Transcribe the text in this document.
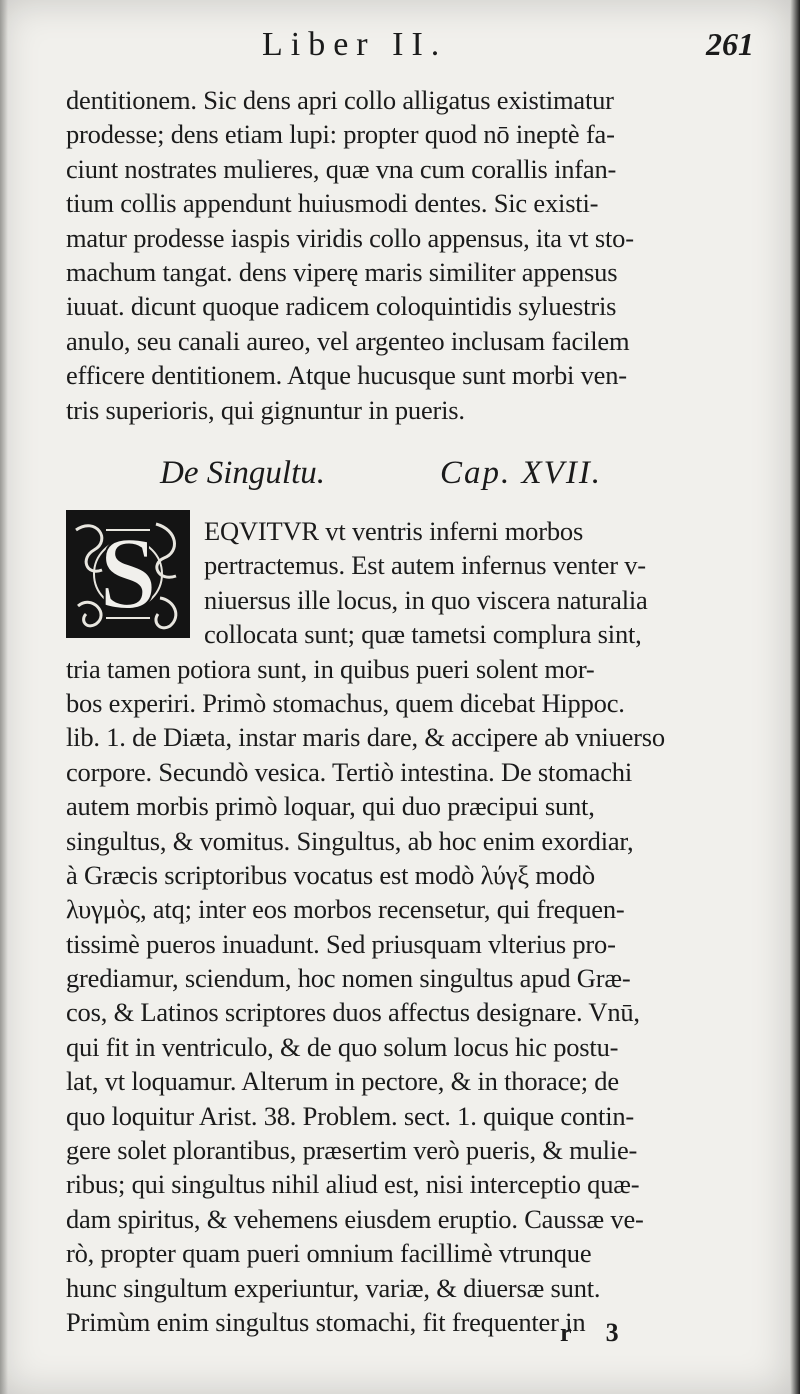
Liber II.	261
dentitionem. Sic dens apri collo alligatus existimatur
prodesse; dens etiam lupi: propter quod nō ineptè fa-
ciunt nostrates mulieres, quæ vna cum corallis infan-
tium collis appendunt huiusmodi dentes. Sic existi-
matur prodesse iaspis viridis collo appensus, ita vt sto-
machum tangat. dens viperę maris similiter appensus
iuuat. dicunt quoque radicem coloquintidis syluestris
anulo, seu canali aureo, vel argenteo inclusam facilem
efficere dentitionem. Atque hucusque sunt morbi ven-
tris superioris, qui gignuntur in pueris.
De Singultu.	Cap. XVII.
S	EQVITVR vt ventris inferni morbos
pertractemus. Est autem infernus venter v-
niuersus ille locus, in quo viscera naturalia
collocata sunt; quæ tametsi complura sint,
tria tamen potiora sunt, in quibus pueri solent mor-
bos experiri. Primò stomachus, quem dicebat Hippoc.
lib. 1. de Diæta, instar maris dare, & accipere ab vniuerso
corpore. Secundò vesica. Tertiò intestina. De stomachi
autem morbis primò loquar, qui duo præcipui sunt,
singultus, & vomitus. Singultus, ab hoc enim exordiar,
à Græcis scriptoribus vocatus est modò λύγξ modò
λυγμὸς, atq; inter eos morbos recensetur, qui frequen-
tissimè pueros inuadunt. Sed priusquam vlterius pro-
grediamur, sciendum, hoc nomen singultus apud Græ-
cos, & Latinos scriptores duos affectus designare. Vnū,
qui fit in ventriculo, & de quo solum locus hic postu-
lat, vt loquamur. Alterum in pectore, & in thorace; de
quo loquitur Arist. 38. Problem. sect. 1. quique contin-
gere solet plorantibus, præsertim verò pueris, & mulie-
ribus; qui singultus nihil aliud est, nisi interceptio quæ-
dam spiritus, & vehemens eiusdem eruptio. Caussæ ve-
rò, propter quam pueri omnium facillimè vtrunque
hunc singultum experiuntur, variæ, & diuersæ sunt.
Primùm enim singultus stomachi, fit frequenter in
r 3
